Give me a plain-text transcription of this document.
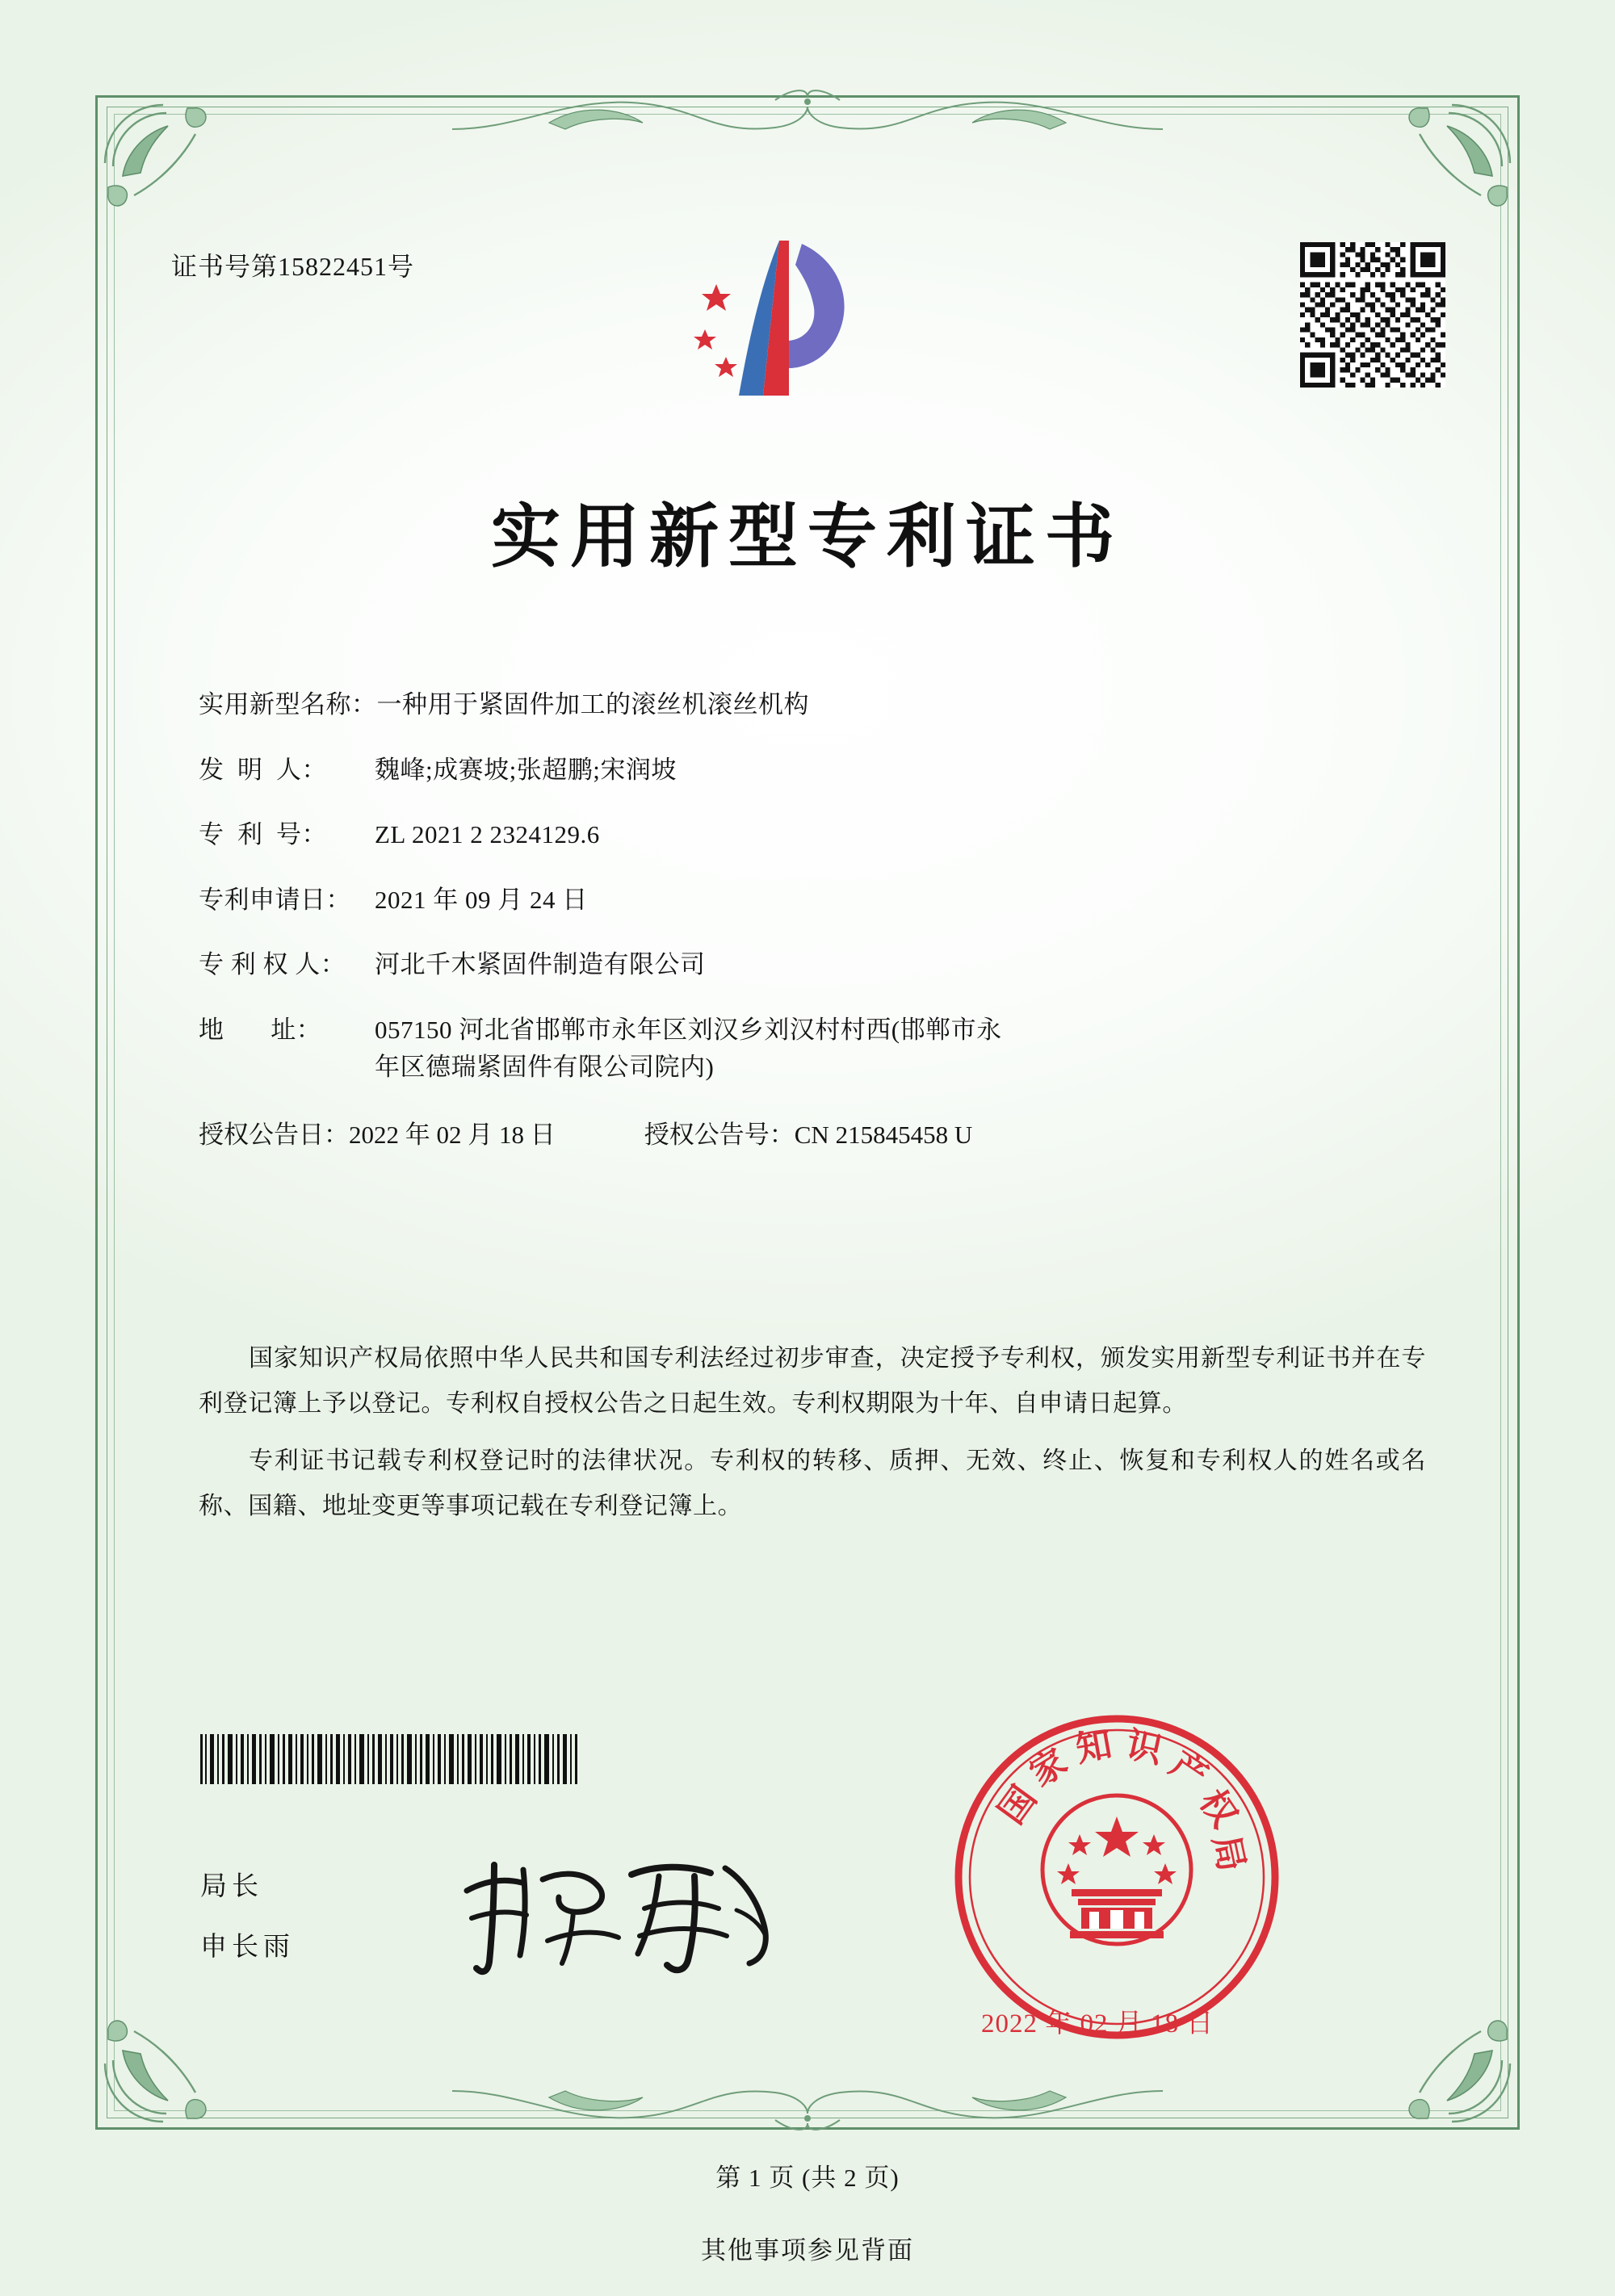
证书号第15822451号
实用新型专利证书
实用新型名称： 一种用于紧固件加工的滚丝机滚丝机构
发  明  人：	魏峰;成赛坡;张超鹏;宋润坡
专  利  号：	ZL 2021 2 2324129.6
专利申请日： 2021 年 09 月 24 日
专 利 权 人：	河北千木紧固件制造有限公司
地       址：	057150 河北省邯郸市永年区刘汉乡刘汉村村西(邯郸市永
年区德瑞紧固件有限公司院内)
授权公告日： 2022 年 02 月 18 日	授权公告号： CN 215845458 U

国家知识产权局依照中华人民共和国专利法经过初步审查，决定授予专利权，颁发实用新型专利证书并在专利登记簿上予以登记。专利权自授权公告之日起生效。专利权期限为十年、自申请日起算。

专利证书记载专利权登记时的法律状况。专利权的转移、质押、无效、终止、恢复和专利权人的姓名或名称、国籍、地址变更等事项记载在专利登记簿上。

国
家
知 识
产
权
局
2022 年 02 月 18 日
局长
申长雨
第 1 页 (共 2 页)
其他事项参见背面
